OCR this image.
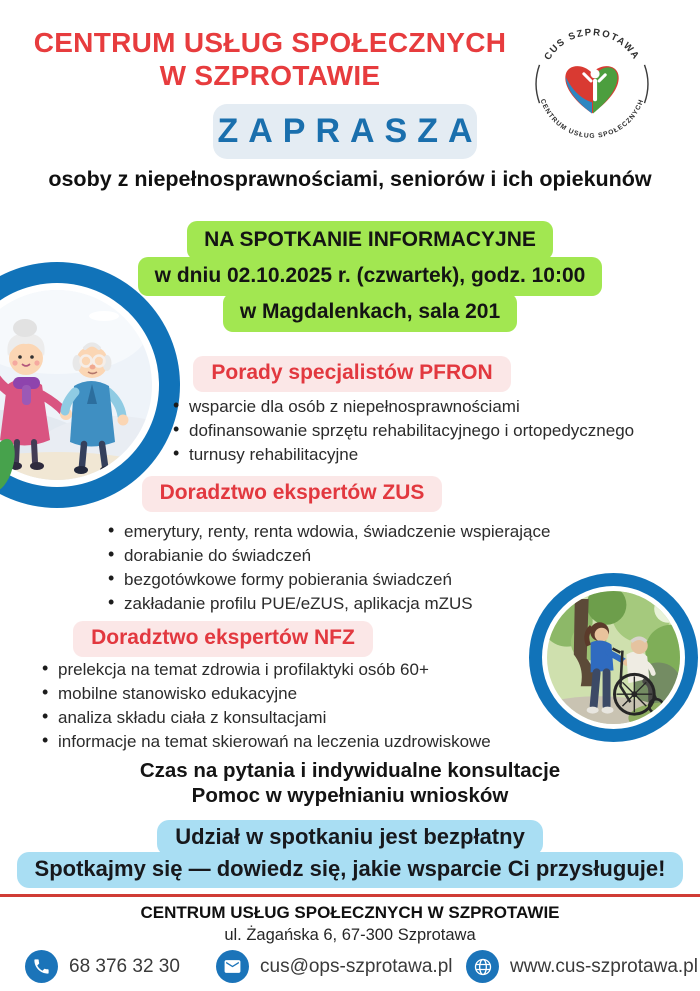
CENTRUM USŁUG SPOŁECZNYCH
W SZPROTAWIE
CUS SZPROTAWA
CENTRUM USŁUG SPOŁECZNYCH
ZAPRASZA
osoby z niepełnosprawnościami, seniorów i ich opiekunów
NA SPOTKANIE INFORMACYJNE
w dniu 02.10.2025 r. (czwartek), godz. 10:00
w Magdalenkach, sala 201
Porady specjalistów PFRON
• wsparcie dla osób z niepełnosprawnościami
• dofinansowanie sprzętu rehabilitacyjnego i ortopedycznego
• turnusy rehabilitacyjne
Doradztwo ekspertów ZUS
• emerytury, renty, renta wdowia, świadczenie wspierające
• dorabianie do świadczeń
• bezgotówkowe formy pobierania świadczeń
• zakładanie profilu PUE/eZUS, aplikacja mZUS
Doradztwo ekspertów NFZ
• prelekcja na temat zdrowia i profilaktyki osób 60+
• mobilne stanowisko edukacyjne
• analiza składu ciała z konsultacjami
• informacje na temat skierowań na leczenia uzdrowiskowe
Czas na pytania i indywidualne konsultacje
Pomoc w wypełnianiu wniosków
Udział w spotkaniu jest bezpłatny
Spotkajmy się — dowiedz się, jakie wsparcie Ci przysługuje!
CENTRUM USŁUG SPOŁECZNYCH W SZPROTAWIE
ul. Żagańska 6, 67-300 Szprotawa
68 376 32 30	cus@ops-szprotawa.pl	www.cus-szprotawa.pl
